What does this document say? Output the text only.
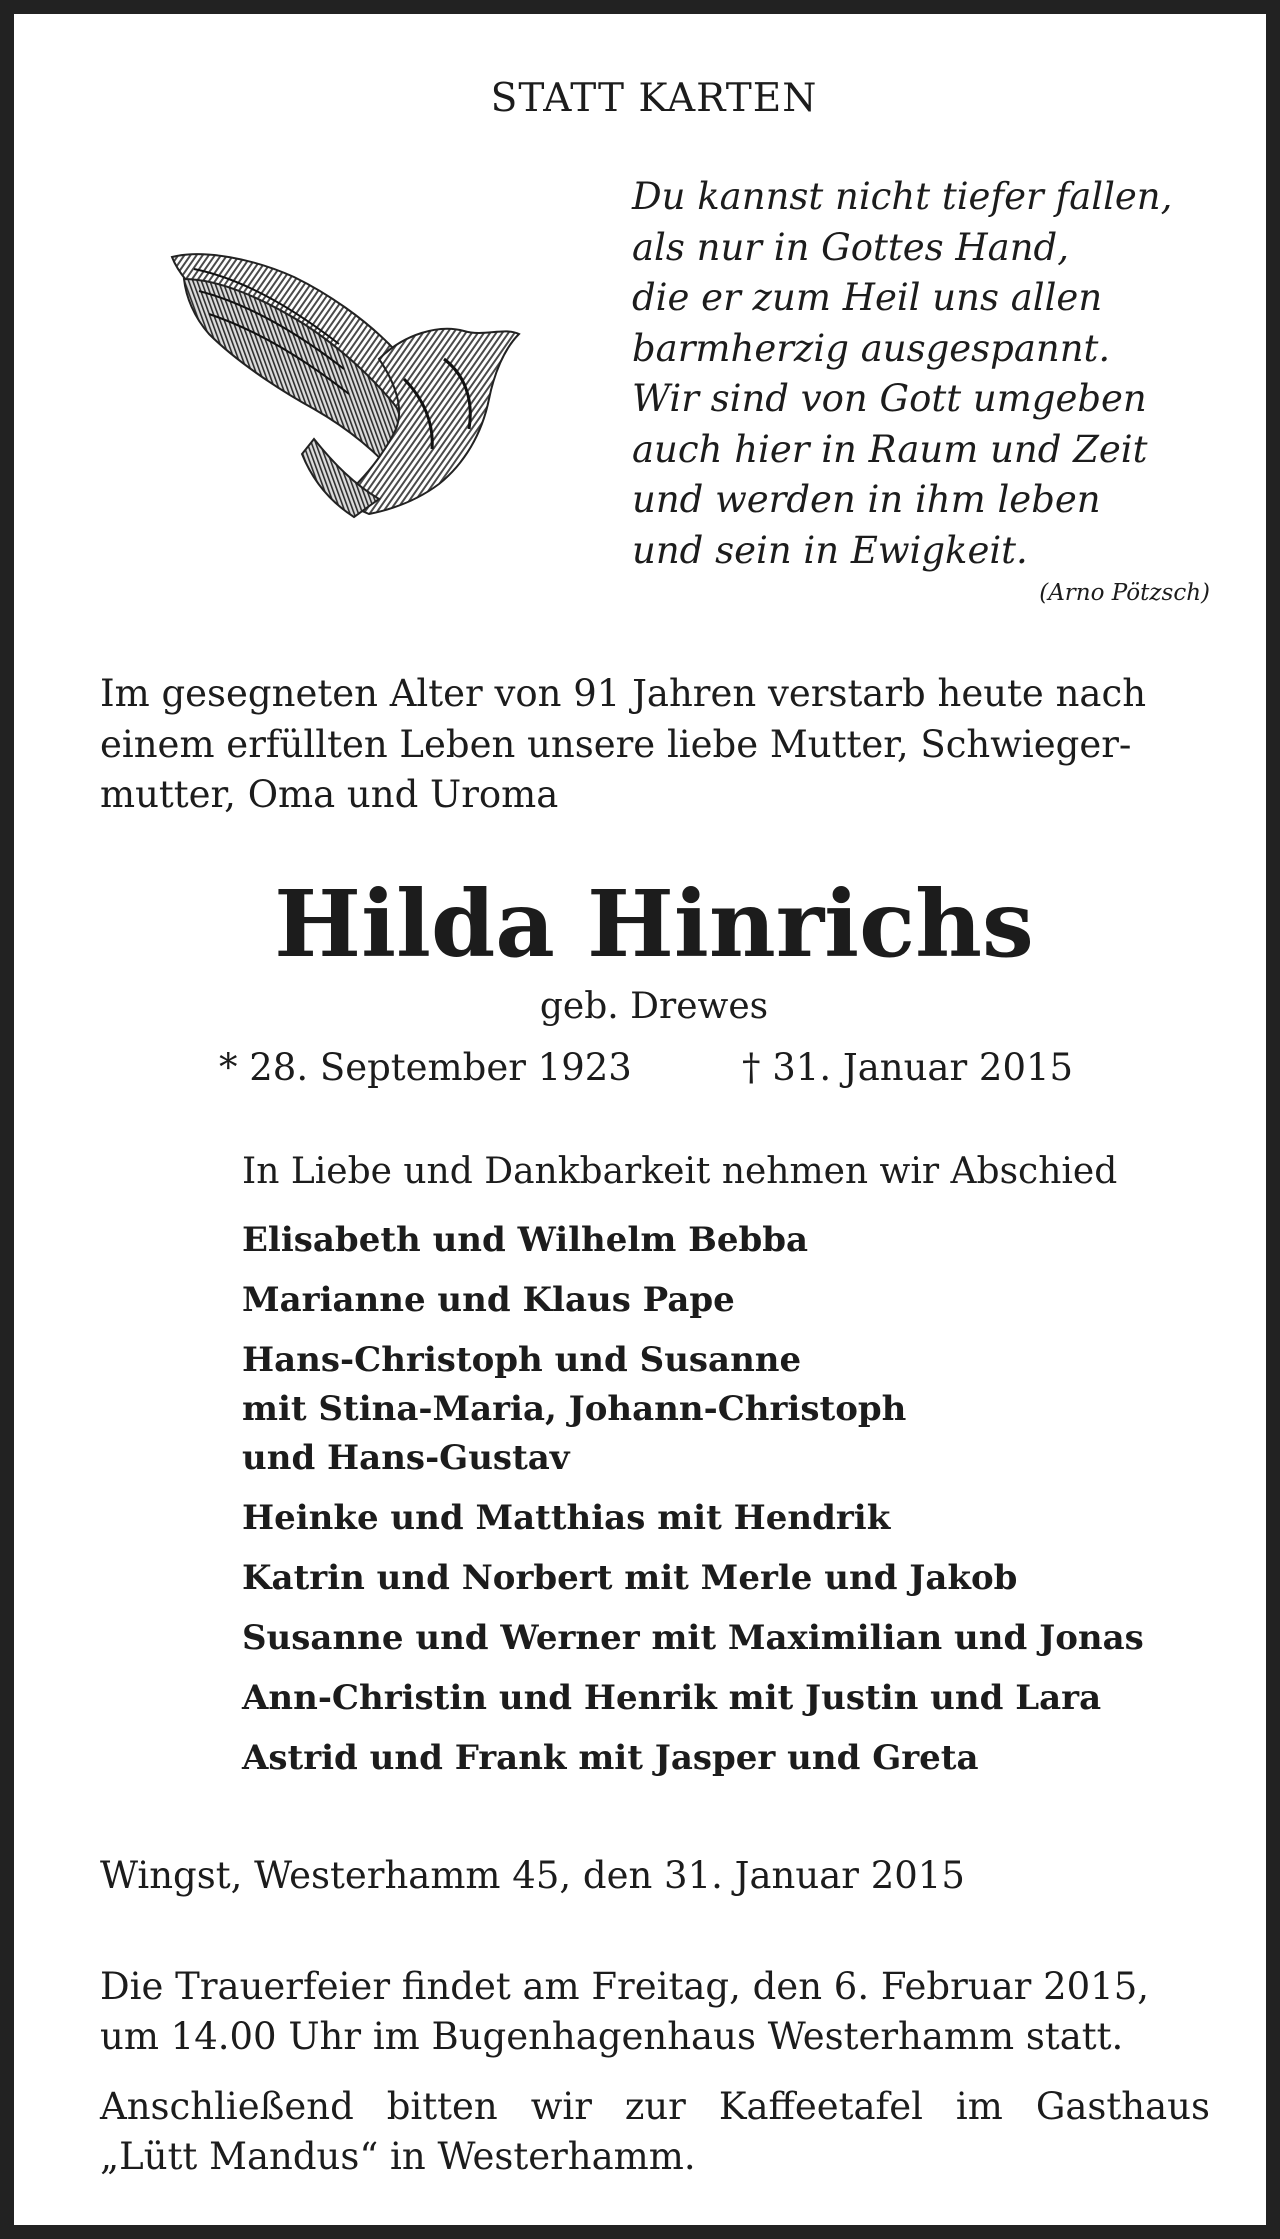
STATT KARTEN
Du kannst nicht tiefer fallen,
als nur in Gottes Hand,
die er zum Heil uns allen
barmherzig ausgespannt.
Wir sind von Gott umgeben
auch hier in Raum und Zeit
und werden in ihm leben
und sein in Ewigkeit.
(Arno Pötzsch)
Im gesegneten Alter von 91 Jahren verstarb heute nach
einem erfüllten Leben unsere liebe Mutter, Schwieger-
mutter, Oma und Uroma
Hilda Hinrichs
geb. Drewes
* 28. September 1923	† 31. Januar 2015
In Liebe und Dankbarkeit nehmen wir Abschied
Elisabeth und Wilhelm Bebba
Marianne und Klaus Pape
Hans-Christoph und Susanne
mit Stina-Maria, Johann-Christoph
und Hans-Gustav
Heinke und Matthias mit Hendrik
Katrin und Norbert mit Merle und Jakob
Susanne und Werner mit Maximilian und Jonas
Ann-Christin und Henrik mit Justin und Lara
Astrid und Frank mit Jasper und Greta
Wingst, Westerhamm 45, den 31. Januar 2015
Die Trauerfeier findet am Freitag, den 6. Februar 2015,
um 14.00 Uhr im Bugenhagenhaus Westerhamm statt.
Anschließend bitten wir zur Kaffeetafel im Gasthaus
„Lütt Mandus“ in Westerhamm.
